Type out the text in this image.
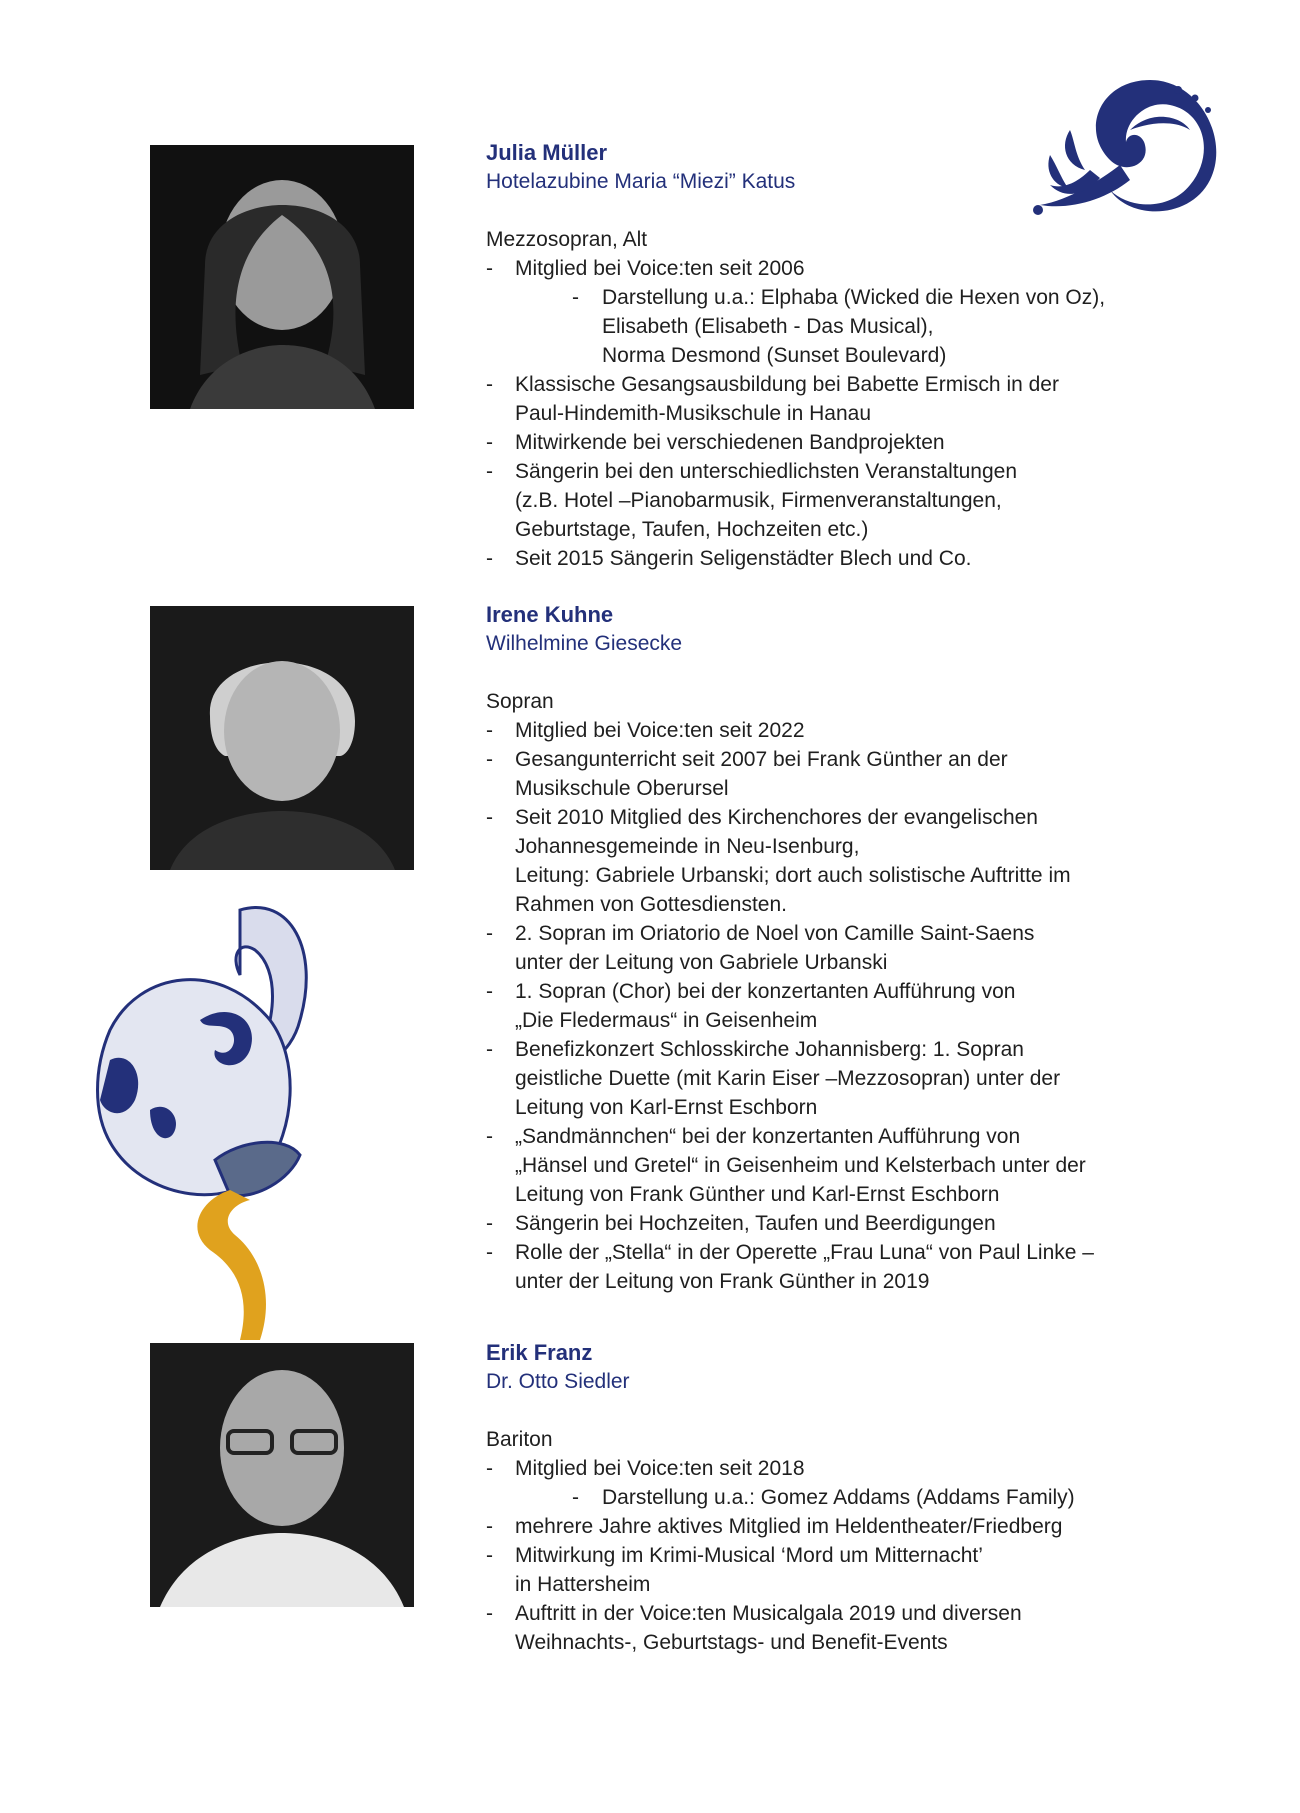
Julia Müller
Hotelazubine Maria “Miezi” Katus
Mezzosopran, Alt
- Mitglied bei Voice:ten seit 2006
- Darstellung u.a.: Elphaba (Wicked die Hexen von Oz),
Elisabeth (Elisabeth - Das Musical),
Norma Desmond (Sunset Boulevard)
- Klassische Gesangsausbildung bei Babette Ermisch in der
Paul-Hindemith-Musikschule in Hanau
- Mitwirkende bei verschiedenen Bandprojekten
- Sängerin bei den unterschiedlichsten Veranstaltungen
(z.B. Hotel –Pianobarmusik, Firmenveranstaltungen,
Geburtstage, Taufen, Hochzeiten etc.)
- Seit 2015 Sängerin Seligenstädter Blech und Co.
Irene Kuhne
Wilhelmine Giesecke
Sopran
- Mitglied bei Voice:ten seit 2022
- Gesangunterricht seit 2007 bei Frank Günther an der
Musikschule Oberursel
- Seit 2010 Mitglied des Kirchenchores der evangelischen
Johannesgemeinde in Neu-Isenburg,
Leitung: Gabriele Urbanski; dort auch solistische Auftritte im
Rahmen von Gottesdiensten.
- 2. Sopran im Oriatorio de Noel von Camille Saint-Saens
unter der Leitung von Gabriele Urbanski
- 1. Sopran (Chor) bei der konzertanten Aufführung von
„Die Fledermaus“ in Geisenheim
- Benefizkonzert Schlosskirche Johannisberg: 1. Sopran
geistliche Duette (mit Karin Eiser –Mezzosopran) unter der
Leitung von Karl-Ernst Eschborn
- „Sandmännchen“ bei der konzertanten Aufführung von
„Hänsel und Gretel“ in Geisenheim und Kelsterbach unter der
Leitung von Frank Günther und Karl-Ernst Eschborn
- Sängerin bei Hochzeiten, Taufen und Beerdigungen
- Rolle der „Stella“ in der Operette „Frau Luna“ von Paul Linke –
unter der Leitung von Frank Günther in 2019
Erik Franz
Dr. Otto Siedler
Bariton
- Mitglied bei Voice:ten seit 2018
- Darstellung u.a.: Gomez Addams (Addams Family)
- mehrere Jahre aktives Mitglied im Heldentheater/Friedberg
- Mitwirkung im Krimi-Musical ‘Mord um Mitternacht’
in Hattersheim
- Auftritt in der Voice:ten Musicalgala 2019 und diversen
Weihnachts-, Geburtstags- und Benefit-Events
